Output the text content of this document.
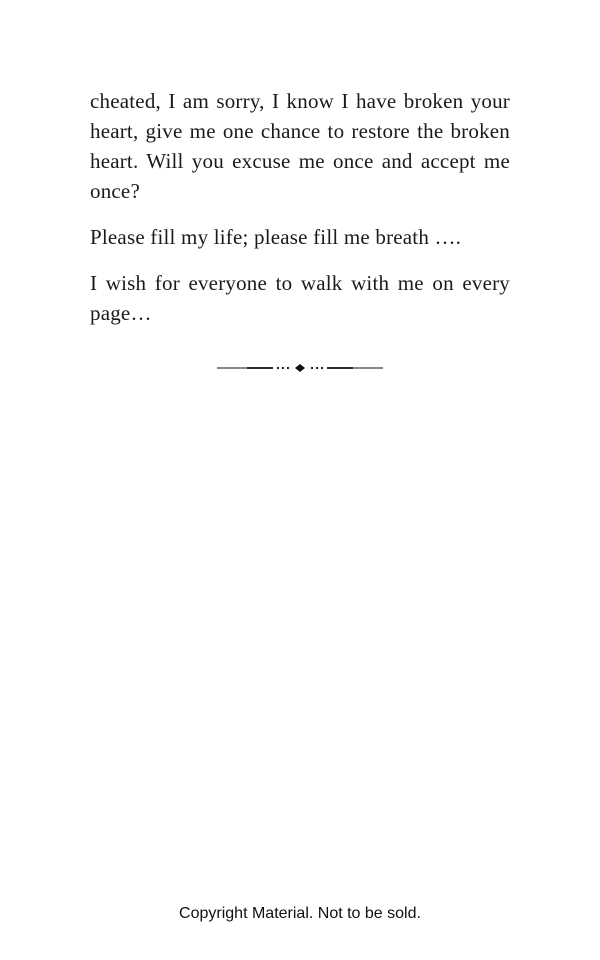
cheated, I am sorry, I know I have broken your heart, give me one chance to restore the broken heart. Will you excuse me once and accept me once?

Please fill my life; please fill me breath ….

I wish for everyone to walk with me on every page…

Copyright Material. Not to be sold.
